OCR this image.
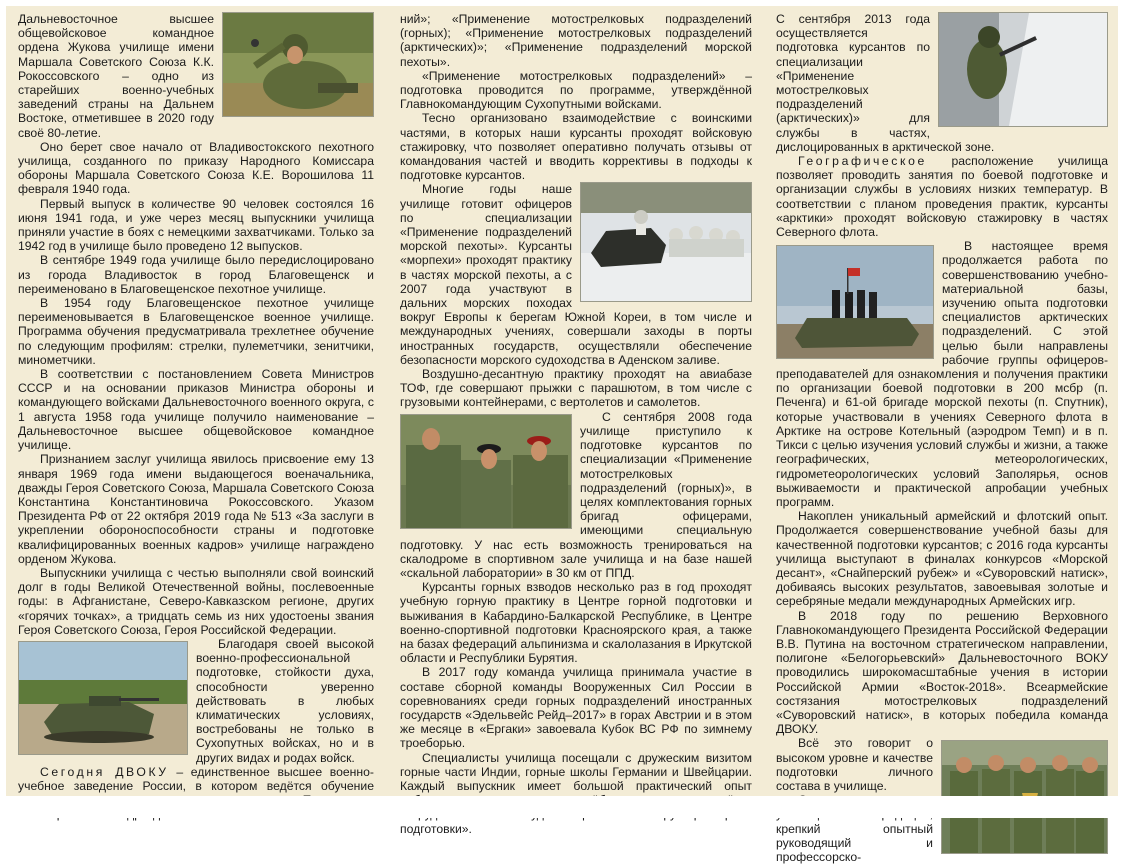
Дальневосточное высшее общевойсковое командное ордена Жукова училище имени Маршала Советского Союза К.К. Рокоссовского – одно из старейших военно-учебных заведений страны на Дальнем Востоке, отметившее в 2020 году своё 80-летие.

Оно берет свое начало от Владивостокского пехотного училища, созданного по приказу Народного Комиссара обороны Маршала Советского Союза К.Е. Ворошилова 11 февраля 1940 года.

Первый выпуск в количестве 90 человек состоялся 16 июня 1941 года, и уже через месяц выпускники училища приняли участие в боях с немецкими захватчиками. Только за 1942 год в училище было проведено 12 выпусков.

В сентябре 1949 года училище было передислоцировано из города Владивосток в город Благовещенск и переименовано в Благовещенское пехотное училище.

В 1954 году Благовещенское пехотное училище переименовывается в Благовещенское военное училище. Программа обучения предусматривала трехлетнее обучение по следующим профилям: стрелки, пулеметчики, зенитчики, минометчики.

В соответствии с постановлением Совета Министров СССР и на основании приказов Министра обороны и командующего войсками Дальневосточного военного округа, с 1 августа 1958 года училище получило наименование – Дальневосточное высшее общевойсковое командное училище.

Признанием заслуг училища явилось присвоение ему 13 января 1969 года имени выдающегося военачальника, дважды Героя Советского Союза, Маршала Советского Союза Константина Константиновича Рокоссовского. Указом Президента РФ от 22 октября 2019 года № 513 «За заслуги в укреплении обороноспособности страны и подготовке квалифицированных военных кадров» училище награждено орденом Жукова.

Выпускники училища с честью выполняли свой воинский долг в годы Великой Отечественной войны, послевоенные годы: в Афганистане, Северо-Кавказском регионе, других «горячих точках», а тридцать семь из них удостоены звания Героя Советского Союза, Героя Российской Федерации.

Благодаря своей высокой военно-профессиональной подготовке, стойкости духа, способности уверенно действовать в любых климатических условиях, востребованы не только в Сухопутных войсках, но и в других видах и родах войск.

Сегодня ДВОКУ – единственное высшее военно-учебное заведение России, в котором ведётся обучение

ний»; «Применение мотострелковых подразделений (горных); «Применение мотострелковых подразделений (арктических)»; «Применение подразделений морской пехоты».

«Применение мотострелковых подразделений» – подготовка проводится по программе, утверждённой Главнокомандующим Сухопутными войсками.

Тесно организовано взаимодействие с воинскими частями, в которых наши курсанты проходят войсковую стажировку, что позволяет оперативно получать отзывы от командования частей и вводить коррективы в подходы к подготовке курсантов.

Многие годы наше училище готовит офицеров по специализации «Применение подразделений морской пехоты». Курсанты «морпехи» проходят практику в частях морской пехоты, а с 2007 года участвуют в дальних морских походах вокруг Европы к берегам Южной Кореи, в том числе и международных учениях, совершали заходы в порты иностранных государств, осуществляли обеспечение безопасности морского судоходства в Аденском заливе.

Воздушно-десантную практику проходят на авиабазе ТОФ, где совершают прыжки с парашютом, в том числе с грузовыми контейнерами, с вертолетов и самолетов.

С сентября 2008 года училище приступило к подготовке курсантов по специализации «Применение мотострелковых подразделений (горных)», в целях комплектования горных бригад офицерами, имеющими специальную подготовку. У нас есть возможность тренироваться на скалодроме в спортивном зале училища и на базе нашей «скальной лаборатории» в 30 км от ППД.

Курсанты горных взводов несколько раз в год проходят учебную горную практику в Центре горной подготовки и выживания в Кабардино-Балкарской Республике, в Центре военно-спортивной подготовки Красноярского края, а также на базах федераций альпинизма и скалолазания в Иркутской области и Республики Бурятия.

В 2017 году команда училища принимала участие в составе сборной команды Вооруженных Сил России в соревнованиях среди горных подразделений иностранных государств «Эдельвейс Рейд–2017» в горах Австрии и в этом же месяце в «Ергаки» завоевала Кубок ВС РФ по зимнему троеборью.

Специалисты училища посещали с дружеским визитом горные части Индии, горные школы Германии и Швейцарии. Каждый выпускник имеет большой практический опыт подготовки».

С сентября 2013 года осуществляется подготовка курсантов по специализации «Применение мотострелковых подразделений (арктических)» для службы в частях, дислоцированных в арктической зоне.

Географическое расположение училища позволяет проводить занятия по боевой подготовке и организации службы в условиях низких температур. В соответствии с планом проведения практик, курсанты «арктики» проходят войсковую стажировку в частях Северного флота.

В настоящее время продолжается работа по совершенствованию учебно-материальной базы, изучению опыта подготовки специалистов арктических подразделений. С этой целью были направлены рабочие группы офицеров-преподавателей для ознакомления и получения практики по организации боевой подготовки в 200 мсбр (п. Печенга) и 61-ой бригаде морской пехоты (п. Спутник), которые участвовали в учениях Северного флота в Арктике на острове Котельный (аэродром Темп) и в п. Тикси с целью изучения условий службы и жизни, а также географических, метеорологических, гидрометеорологических условий Заполярья, основ выживаемости и практической апробации учебных программ.

Накоплен уникальный армейский и флотский опыт. Продолжается совершенствование учебной базы для качественной подготовки курсантов; с 2016 года курсанты училища выступают в финалах конкурсов «Морской десант», «Снайперский рубеж» и «Суворовский натиск», добиваясь высоких результатов, завоевывая золотые и серебряные медали международных Армейских игр.

В 2018 году по решению Верховного Главнокомандующего Президента Российской Федерации В.В. Путина на восточном стратегическом направлении, полигоне «Белогорьевский» Дальневосточного ВОКУ проводились широкомасштабные учения в истории Российской Армии «Восток-2018». Всеармейские состязания мотострелковых подразделений «Суворовский натиск», в которых победила команда ДВОКУ.

Всё это говорит о высоком уровне и качестве подготовки личного состава в училище.

крепкий опытный руководящий и профессорско-
